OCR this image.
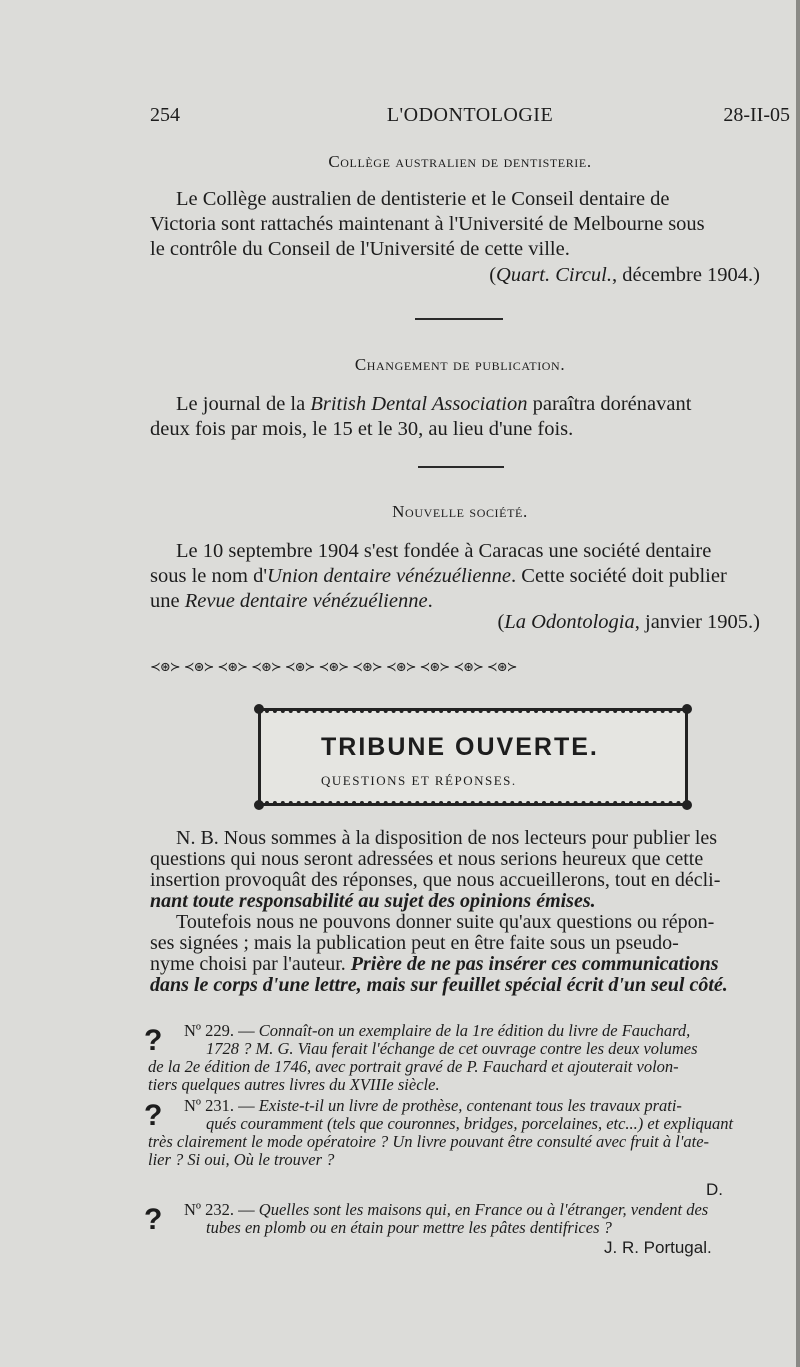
254	L'ODONTOLOGIE	28-II-05
Collège australien de dentisterie.
Le Collège australien de dentisterie et le Conseil dentaire de
Victoria sont rattachés maintenant à l'Université de Melbourne sous
le contrôle du Conseil de l'Université de cette ville.
(Quart. Circul., décembre 1904.)
Changement de publication.
Le journal de la British Dental Association paraîtra dorénavant
deux fois par mois, le 15 et le 30, au lieu d'une fois.
Nouvelle société.
Le 10 septembre 1904 s'est fondée à Caracas une société dentaire
sous le nom d'Union dentaire vénézuélienne. Cette société doit publier
une Revue dentaire vénézuélienne.
(La Odontologia, janvier 1905.)
≺⊛≻ ≺⊛≻ ≺⊛≻ ≺⊛≻ ≺⊛≻ ≺⊛≻ ≺⊛≻ ≺⊛≻ ≺⊛≻ ≺⊛≻ ≺⊛≻
TRIBUNE OUVERTE.
QUESTIONS ET RÉPONSES.
N. B. Nous sommes à la disposition de nos lecteurs pour publier les
questions qui nous seront adressées et nous serions heureux que cette
insertion provoquât des réponses, que nous accueillerons, tout en décli-
nant toute responsabilité au sujet des opinions émises.
Toutefois nous ne pouvons donner suite qu'aux questions ou répon-
ses signées ; mais la publication peut en être faite sous un pseudo-
nyme choisi par l'auteur. Prière de ne pas insérer ces communications
dans le corps d'une lettre, mais sur feuillet spécial écrit d'un seul côté.
?	Nº 229. — Connaît-on un exemplaire de la 1re édition du livre de Fauchard,
1728 ? M. G. Viau ferait l'échange de cet ouvrage contre les deux volumes
de la 2e édition de 1746, avec portrait gravé de P. Fauchard et ajouterait volon-
tiers quelques autres livres du XVIIIe siècle.
?	Nº 231. — Existe-t-il un livre de prothèse, contenant tous les travaux prati-
qués couramment (tels que couronnes, bridges, porcelaines, etc...) et expliquant
très clairement le mode opératoire ? Un livre pouvant être consulté avec fruit à l'ate-
lier ? Si oui, Où le trouver ?
D.
?	Nº 232. — Quelles sont les maisons qui, en France ou à l'étranger, vendent des
tubes en plomb ou en étain pour mettre les pâtes dentifrices ?
J. R. Portugal.
